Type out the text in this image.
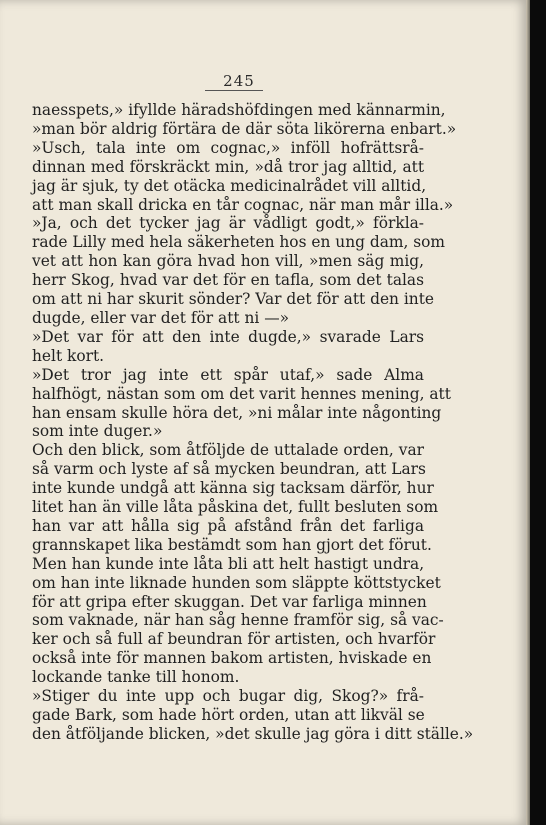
245
naesspets,» ifyllde häradshöfdingen med kännarmin,
»man bör aldrig förtära de där söta likörerna enbart.»
»Usch, tala inte om cognac,» inföll hofrättsrå-
dinnan med förskräckt min, »då tror jag alltid, att
jag är sjuk, ty det otäcka medicinalrådet vill alltid,
att man skall dricka en tår cognac, när man mår illa.»
»Ja, och det tycker jag är vådligt godt,» förkla-
rade Lilly med hela säkerheten hos en ung dam, som
vet att hon kan göra hvad hon vill, »men säg mig,
herr Skog, hvad var det för en tafla, som det talas
om att ni har skurit sönder? Var det för att den inte
dugde, eller var det för att ni —»
»Det var för att den inte dugde,» svarade Lars
helt kort.
»Det tror jag inte ett spår utaf,» sade Alma
halfhögt, nästan som om det varit hennes mening, att
han ensam skulle höra det, »ni målar inte någonting
som inte duger.»
Och den blick, som åtföljde de uttalade orden, var
så varm och lyste af så mycken beundran, att Lars
inte kunde undgå att känna sig tacksam därför, hur
litet han än ville låta påskina det, fullt besluten som
han var att hålla sig på afstånd från det farliga
grannskapet lika bestämdt som han gjort det förut.
Men han kunde inte låta bli att helt hastigt undra,
om han inte liknade hunden som släppte köttstycket
för att gripa efter skuggan. Det var farliga minnen
som vaknade, när han såg henne framför sig, så vac-
ker och så full af beundran för artisten, och hvarför
också inte för mannen bakom artisten, hviskade en
lockande tanke till honom.
»Stiger du inte upp och bugar dig, Skog?» frå-
gade Bark, som hade hört orden, utan att likväl se
den åtföljande blicken, »det skulle jag göra i ditt ställe.»
